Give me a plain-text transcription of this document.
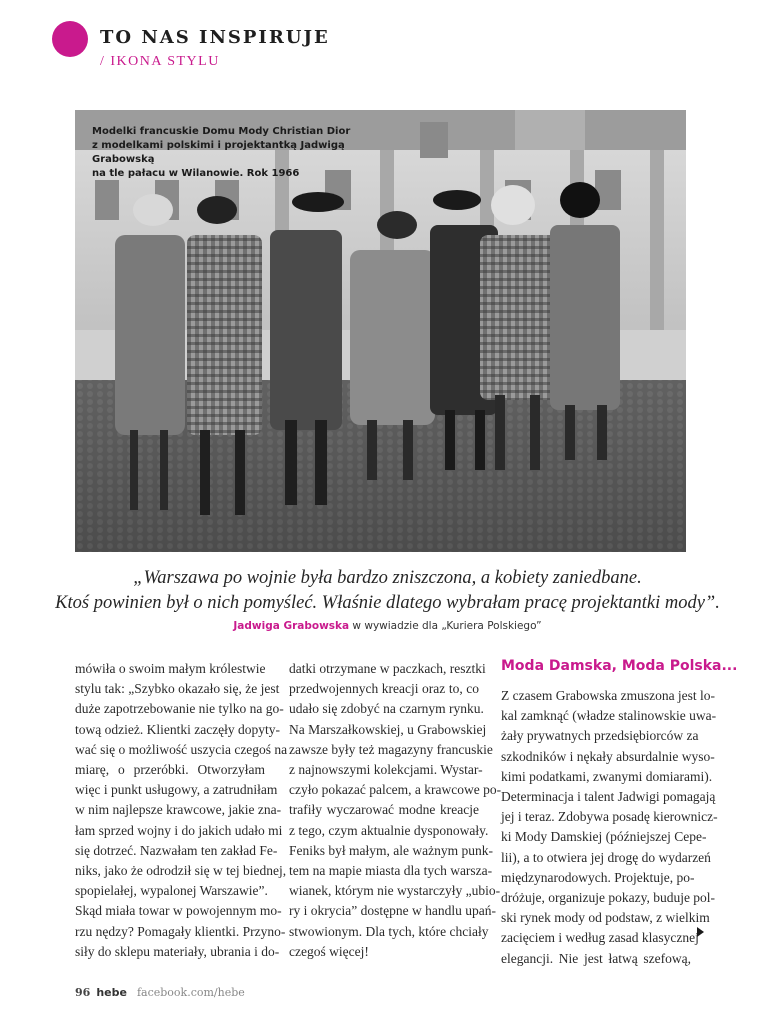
TO NAS INSPIRUJE
/ IKONA STYLU
Modelki francuskie Domu Mody Christian Dior
z modelkami polskimi i projektantką Jadwigą Grabowską
na tle pałacu w Wilanowie. Rok 1966
„Warszawa po wojnie była bardzo zniszczona, a kobiety zaniedbane.
Ktoś powinien był o nich pomyśleć. Właśnie dlatego wybrałam pracę projektantki mody”.
Jadwiga Grabowska w wywiadzie dla „Kuriera Polskiego”
mówiła o swoim małym królestwie
stylu tak: „Szybko okazało się, że jest
duże zapotrzebowanie nie tylko na go-
tową odzież. Klientki zaczęły dopyty-
wać się o możliwość uszycia czegoś na
miarę, o przeróbki. Otworzyłam
więc i punkt usługowy, a zatrudniłam
w nim najlepsze krawcowe, jakie zna-
łam sprzed wojny i do jakich udało mi
się dotrzeć. Nazwałam ten zakład Fe-
niks, jako że odrodził się w tej biednej,
spopielałej, wypalonej Warszawie”.
Skąd miała towar w powojennym mo-
rzu nędzy? Pomagały klientki. Przyno-
siły do sklepu materiały, ubrania i do-
datki otrzymane w paczkach, resztki
przedwojennych kreacji oraz to, co
udało się zdobyć na czarnym rynku.
Na Marszałkowskiej, u Grabowskiej
zawsze były też magazyny francuskie
z najnowszymi kolekcjami. Wystar-
czyło pokazać palcem, a krawcowe po-
trafiły wyczarować modne kreacje
z tego, czym aktualnie dysponowały.
Feniks był małym, ale ważnym punk-
tem na mapie miasta dla tych warsza-
wianek, którym nie wystarczyły „ubio-
ry i okrycia” dostępne w handlu upań-
stwowionym. Dla tych, które chciały
czegoś więcej!
Moda Damska, Moda Polska...
Z czasem Grabowska zmuszona jest lo-
kal zamknąć (władze stalinowskie uwa-
żały prywatnych przedsiębiorców za
szkodników i nękały absurdalnie wyso-
kimi podatkami, zwanymi domiarami).
Determinacja i talent Jadwigi pomagają
jej i teraz. Zdobywa posadę kierownicz-
ki Mody Damskiej (późniejszej Cepe-
lii), a to otwiera jej drogę do wydarzeń
międzynarodowych. Projektuje, po-
dróżuje, organizuje pokazy, buduje pol-
ski rynek mody od podstaw, z wielkim
zacięciem i według zasad klasycznej
elegancji. Nie jest łatwą szefową,
96 hebe facebook.com/hebe
